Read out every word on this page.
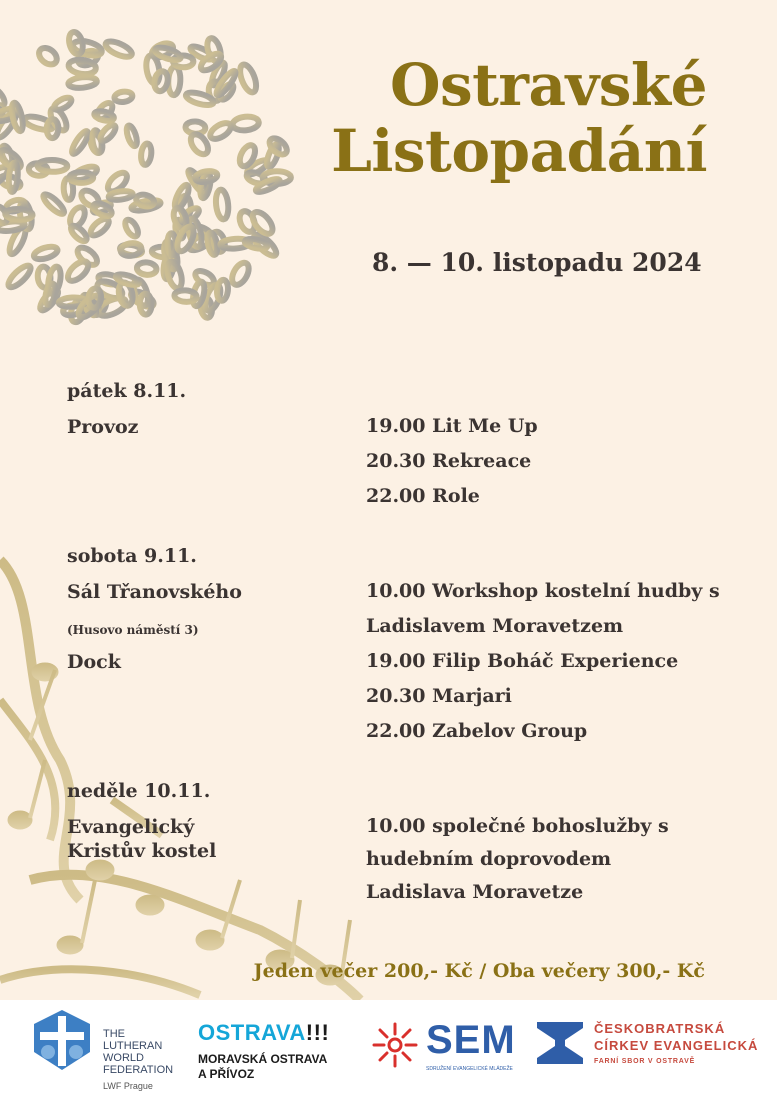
Ostravské
Listopadání
8. — 10. listopadu 2024
pátek 8.11.
Provoz	19.00 Lit Me Up
20.30 Rekreace
22.00 Role
sobota 9.11.
Sál Třanovského
(Husovo náměstí 3)
Dock
10.00 Workshop kostelní hudby s
Ladislavem Moravetzem
19.00 Filip Boháč Experience
20.30 Marjari
22.00 Zabelov Group
neděle 10.11.
Evangelický
Kristův kostel
10.00 společné bohoslužby s
hudebním doprovodem
Ladislava Moravetze
Jeden večer 200,- Kč / Oba večery 300,- Kč
THE
LUTHERAN
WORLD
FEDERATION
LWF Prague
OSTRAVA!!!
MORAVSKÁ OSTRAVA
A PŘÍVOZ
SEM
SDRUŽENÍ EVANGELICKÉ MLÁDEŽE
ČESKOBRATRSKÁ
CÍRKEV EVANGELICKÁ
FARNÍ SBOR V OSTRAVĚ
